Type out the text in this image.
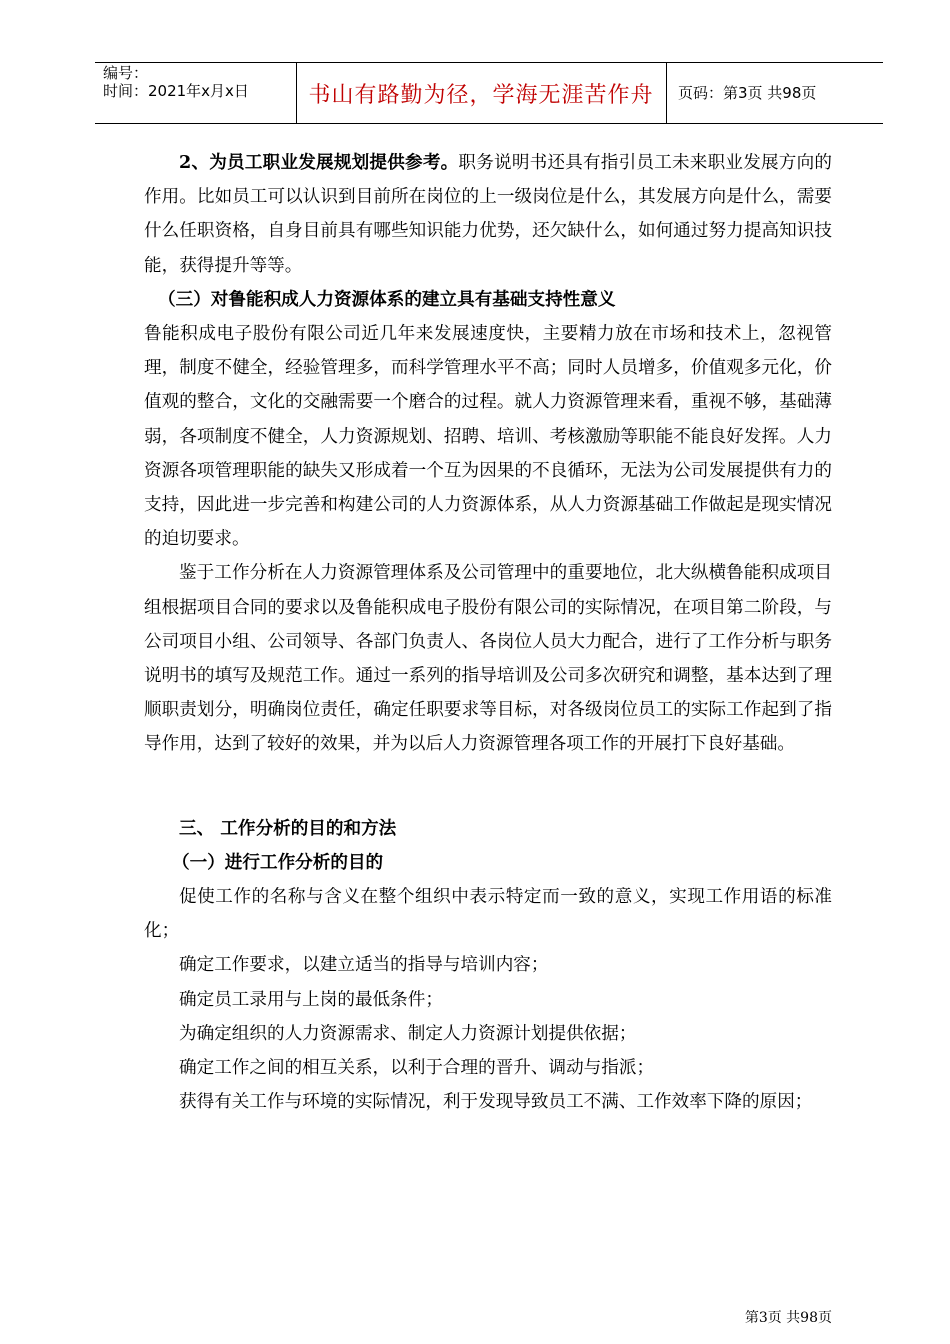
编号：
时间：2021年x月x日	书山有路勤为径，学海无涯苦作舟	页码：第3页 共98页

2、为员工职业发展规划提供参考。职务说明书还具有指引员工未来职业发展方向的作用。比如员工可以认识到目前所在岗位的上一级岗位是什么，其发展方向是什么，需要什么任职资格，自身目前具有哪些知识能力优势，还欠缺什么，如何通过努力提高知识技能，获得提升等等。

（三）对鲁能积成人力资源体系的建立具有基础支持性意义

鲁能积成电子股份有限公司近几年来发展速度快，主要精力放在市场和技术上，忽视管理，制度不健全，经验管理多，而科学管理水平不高；同时人员增多，价值观多元化，价值观的整合，文化的交融需要一个磨合的过程。就人力资源管理来看，重视不够，基础薄弱，各项制度不健全，人力资源规划、招聘、培训、考核激励等职能不能良好发挥。人力资源各项管理职能的缺失又形成着一个互为因果的不良循环，无法为公司发展提供有力的支持，因此进一步完善和构建公司的人力资源体系，从人力资源基础工作做起是现实情况的迫切要求。

鉴于工作分析在人力资源管理体系及公司管理中的重要地位，北大纵横鲁能积成项目组根据项目合同的要求以及鲁能积成电子股份有限公司的实际情况，在项目第二阶段，与公司项目小组、公司领导、各部门负责人、各岗位人员大力配合，进行了工作分析与职务说明书的填写及规范工作。通过一系列的指导培训及公司多次研究和调整，基本达到了理顺职责划分，明确岗位责任，确定任职要求等目标，对各级岗位员工的实际工作起到了指导作用，达到了较好的效果，并为以后人力资源管理各项工作的开展打下良好基础。

三、 工作分析的目的和方法

（一）进行工作分析的目的

促使工作的名称与含义在整个组织中表示特定而一致的意义，实现工作用语的标准化；

确定工作要求，以建立适当的指导与培训内容；

确定员工录用与上岗的最低条件；

为确定组织的人力资源需求、制定人力资源计划提供依据；

确定工作之间的相互关系，以利于合理的晋升、调动与指派；

获得有关工作与环境的实际情况，利于发现导致员工不满、工作效率下降的原因；

第3页 共98页
